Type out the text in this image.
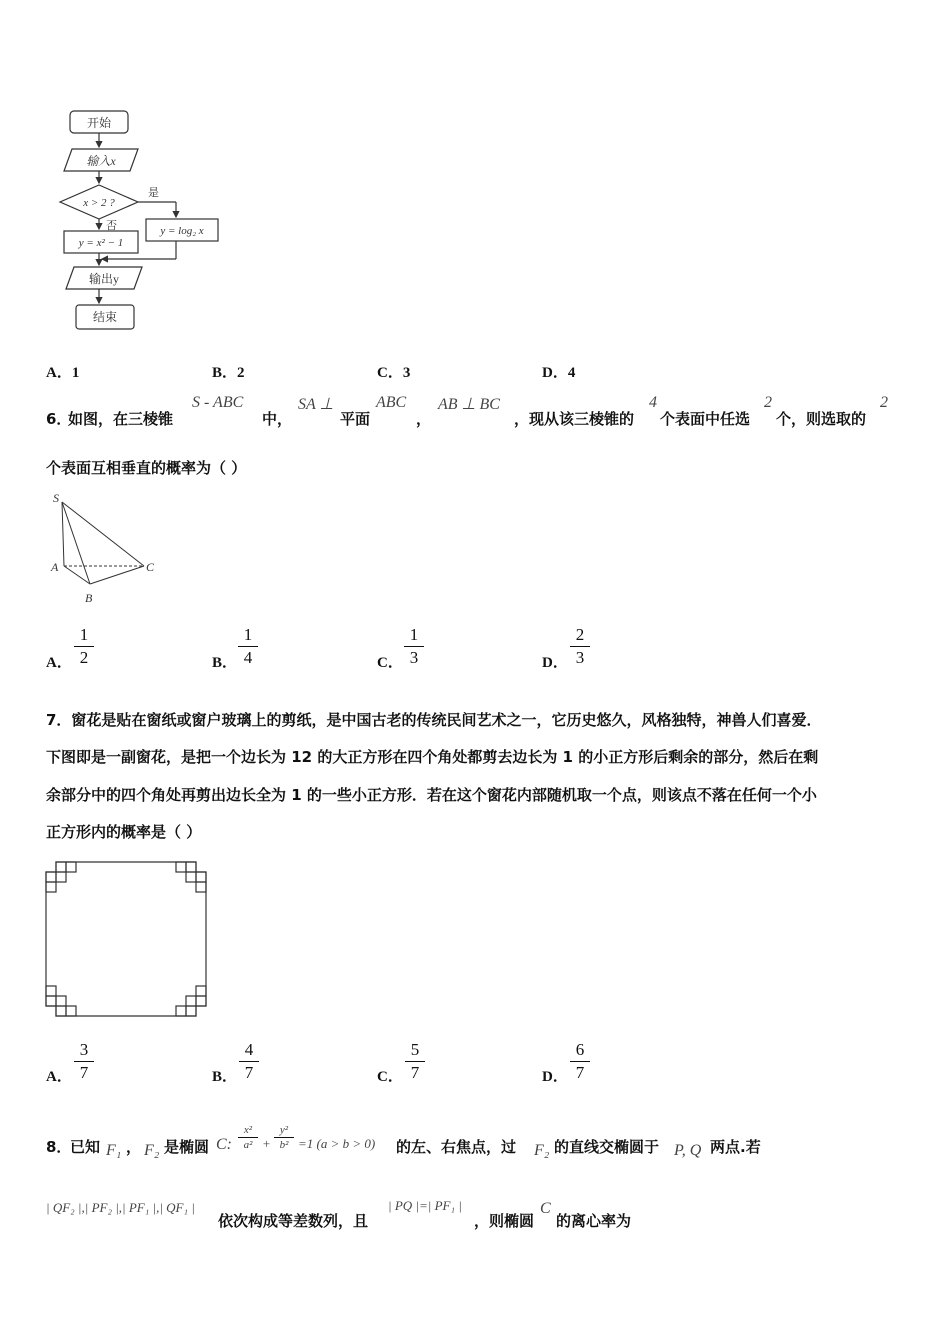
开始
输入x
x > 2 ?
是
否
y = x² − 1
y = log₂ x
输出y
结束
A．1	B．2	C．3	D．4
6．
如图，在三棱锥
S - ABC
中，
SA ⊥
平面
ABC
，
AB ⊥ BC
，现从该三棱锥的
4
个表面中任选
2
个，则选取的
2
个表面互相垂直的概率为（ ）
S
A
B
C
A． $\frac{1}{2}$	B． $\frac{1}{4}$	C． $\frac{1}{3}$	D． $\frac{2}{3}$
7．窗花是贴在窗纸或窗户玻璃上的剪纸，是中国古老的传统民间艺术之一，它历史悠久，风格独特，神兽人们喜爱．
下图即是一副窗花，是把一个边长为 12 的大正方形在四个角处都剪去边长为 1 的小正方形后剩余的部分，然后在剩
余部分中的四个角处再剪出边长全为 1 的一些小正方形．若在这个窗花内部随机取一个点，则该点不落在任何一个小
正方形内的概率是（ ）
A． $\frac{3}{7}$	B． $\frac{4}{7}$	C． $\frac{5}{7}$	D． $\frac{6}{7}$
8．
已知 F₁ ， F₂ 是椭圆 C: $\frac{\text{x²}}{\text{a²}} + \frac{\text{y²}}{\text{b²}} =1$ (a > b > 0) 的左、右焦点，过 F₂ 的直线交椭圆于 P, Q 两点.若
| QF₂ |,| PF₂ |,| PF₁ |,| QF₁ |
依次构成等差数列，且
| PQ |=| PF₁ |
，则椭圆
C
的离心率为
